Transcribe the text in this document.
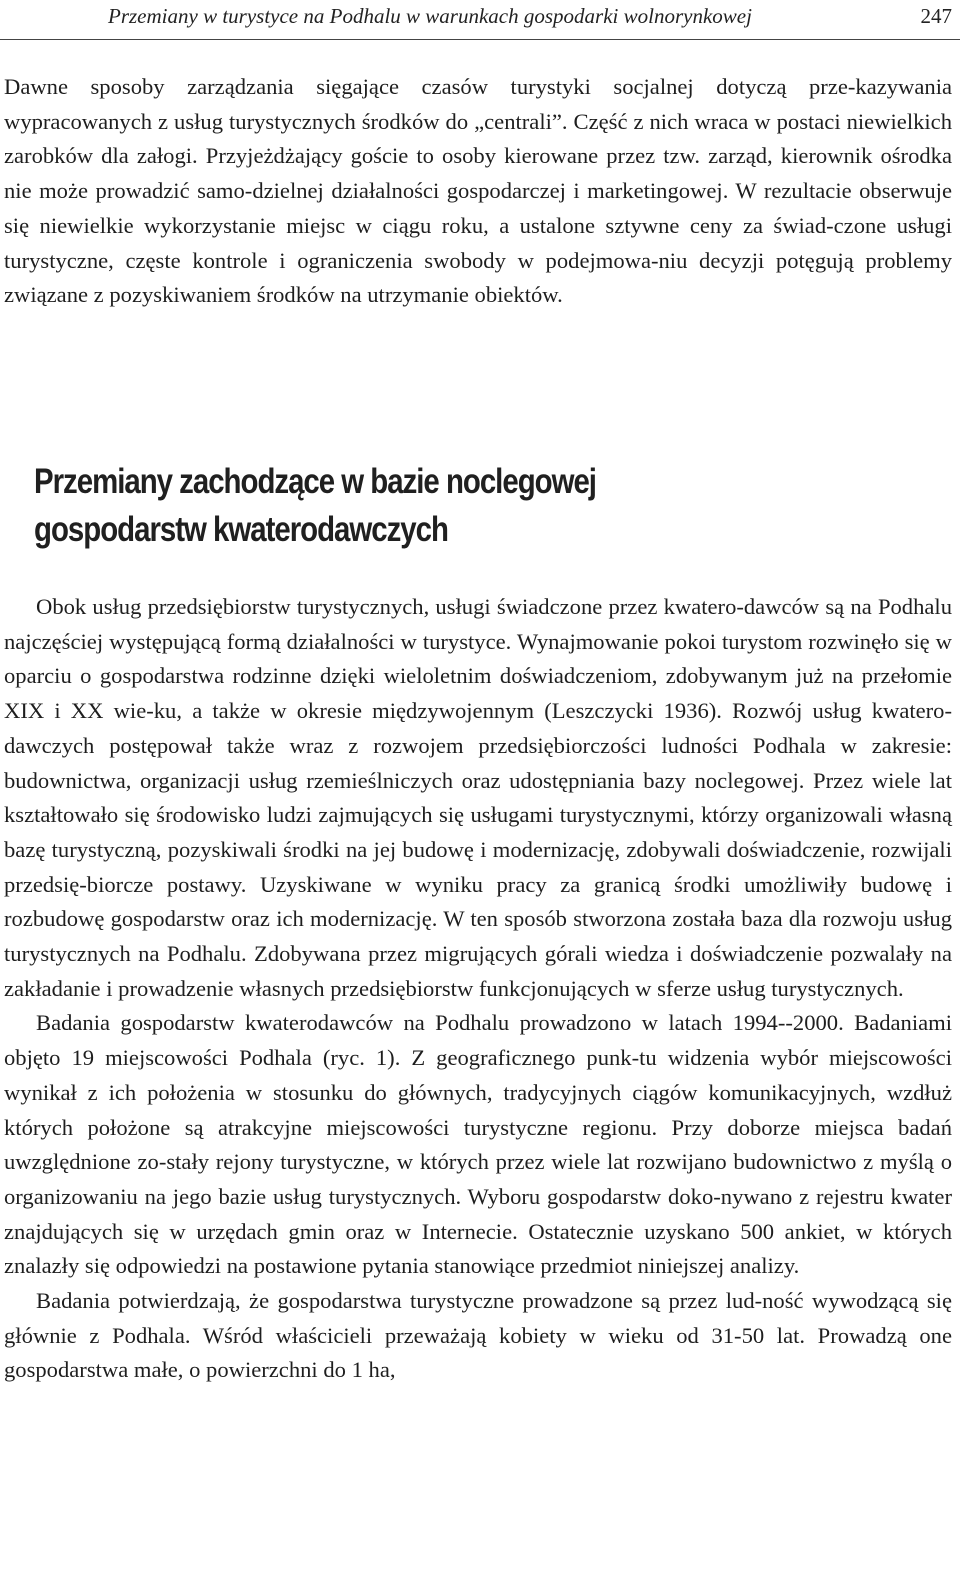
Przemiany w turystyce na Podhalu w warunkach gospodarki wolnorynkowej	247

Dawne sposoby zarządzania sięgające czasów turystyki socjalnej dotyczą prze-kazywania wypracowanych z usług turystycznych środków do „centrali”. Część z nich wraca w postaci niewielkich zarobków dla załogi. Przyjeżdżający goście to osoby kierowane przez tzw. zarząd, kierownik ośrodka nie może prowadzić samo-dzielnej działalności gospodarczej i marketingowej. W rezultacie obserwuje się niewielkie wykorzystanie miejsc w ciągu roku, a ustalone sztywne ceny za świad-czone usługi turystyczne, częste kontrole i ograniczenia swobody w podejmowa-niu decyzji potęgują problemy związane z pozyskiwaniem środków na utrzymanie obiektów.

Przemiany zachodzące w bazie noclegowej
gospodarstw kwaterodawczych

Obok usług przedsiębiorstw turystycznych, usługi świadczone przez kwatero-dawców są na Podhalu najczęściej występującą formą działalności w turystyce. Wynajmowanie pokoi turystom rozwinęło się w oparciu o gospodarstwa rodzinne dzięki wieloletnim doświadczeniom, zdobywanym już na przełomie XIX i XX wie-ku, a także w okresie międzywojennym (Leszczycki 1936). Rozwój usług kwatero-dawczych postępował także wraz z rozwojem przedsiębiorczości ludności Podhala w zakresie: budownictwa, organizacji usług rzemieślniczych oraz udostępniania bazy noclegowej. Przez wiele lat kształtowało się środowisko ludzi zajmujących się usługami turystycznymi, którzy organizowali własną bazę turystyczną, pozyskiwali środki na jej budowę i modernizację, zdobywali doświadczenie, rozwijali przedsię-biorcze postawy. Uzyskiwane w wyniku pracy za granicą środki umożliwiły budowę i rozbudowę gospodarstw oraz ich modernizację. W ten sposób stworzona została baza dla rozwoju usług turystycznych na Podhalu. Zdobywana przez migrujących górali wiedza i doświadczenie pozwalały na zakładanie i prowadzenie własnych przedsiębiorstw funkcjonujących w sferze usług turystycznych.

Badania gospodarstw kwaterodawców na Podhalu prowadzono w latach 1994--2000. Badaniami objęto 19 miejscowości Podhala (ryc. 1). Z geograficznego punk-tu widzenia wybór miejscowości wynikał z ich położenia w stosunku do głównych, tradycyjnych ciągów komunikacyjnych, wzdłuż których położone są atrakcyjne miejscowości turystyczne regionu. Przy doborze miejsca badań uwzględnione zo-stały rejony turystyczne, w których przez wiele lat rozwijano budownictwo z myślą o organizowaniu na jego bazie usług turystycznych. Wyboru gospodarstw doko-nywano z rejestru kwater znajdujących się w urzędach gmin oraz w Internecie. Ostatecznie uzyskano 500 ankiet, w których znalazły się odpowiedzi na postawione pytania stanowiące przedmiot niniejszej analizy.

Badania potwierdzają, że gospodarstwa turystyczne prowadzone są przez lud-ność wywodzącą się głównie z Podhala. Wśród właścicieli przeważają kobiety w wieku od 31-50 lat. Prowadzą one gospodarstwa małe, o powierzchni do 1 ha,
